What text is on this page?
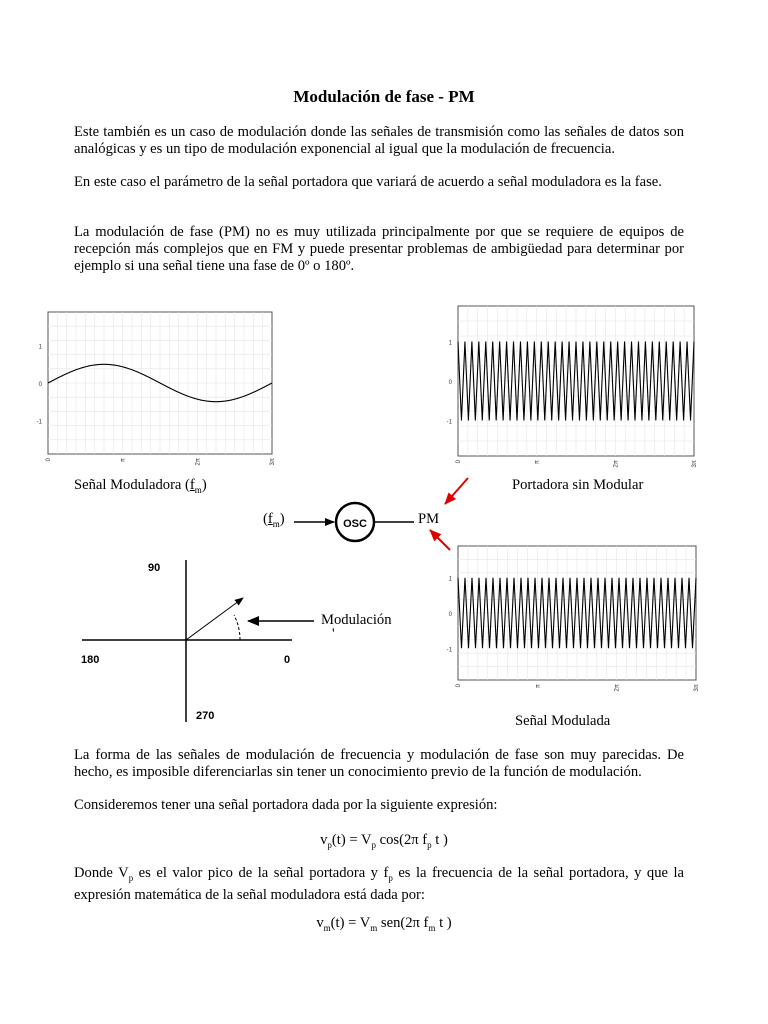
Modulación de fase - PM
Este también es un caso de modulación donde las señales de transmisión como las señales de datos son analógicas y es un tipo de modulación exponencial al igual que la modulación de frecuencia.
En este caso el parámetro de la señal portadora que variará de acuerdo a señal moduladora es la fase.
La modulación de fase (PM) no es muy utilizada principalmente por que se requiere de equipos de recepción más complejos que en FM y puede presentar problemas de ambigüedad para determinar por ejemplo si una señal tiene una fase de 0º o 180º.
1
0
-1
0	π	2π	3π
Señal Moduladora $(f_m)$
1
0
-1
0	π	2π	3π
Portadora sin Modular
1
0
-1
0	π	2π	3π
Señal Modulada
$(f_m)$	PM
OSC
90
180	0
270
Modulación
'
La forma de las señales de modulación de frecuencia y modulación de fase son muy parecidas. De hecho, es imposible diferenciarlas sin tener un conocimiento previo de la función de modulación.
Consideremos tener una señal portadora dada por la siguiente expresión:
$v_p(t) = V_p$ cos(2π $f_p$ t )
Donde $V_p$ es el valor pico de la señal portadora y $f_p$ es la frecuencia de la señal portadora, y que la expresión matemática de la señal moduladora está dada por:
$v_m(t) = V_m$ sen(2π $f_m$ t )
